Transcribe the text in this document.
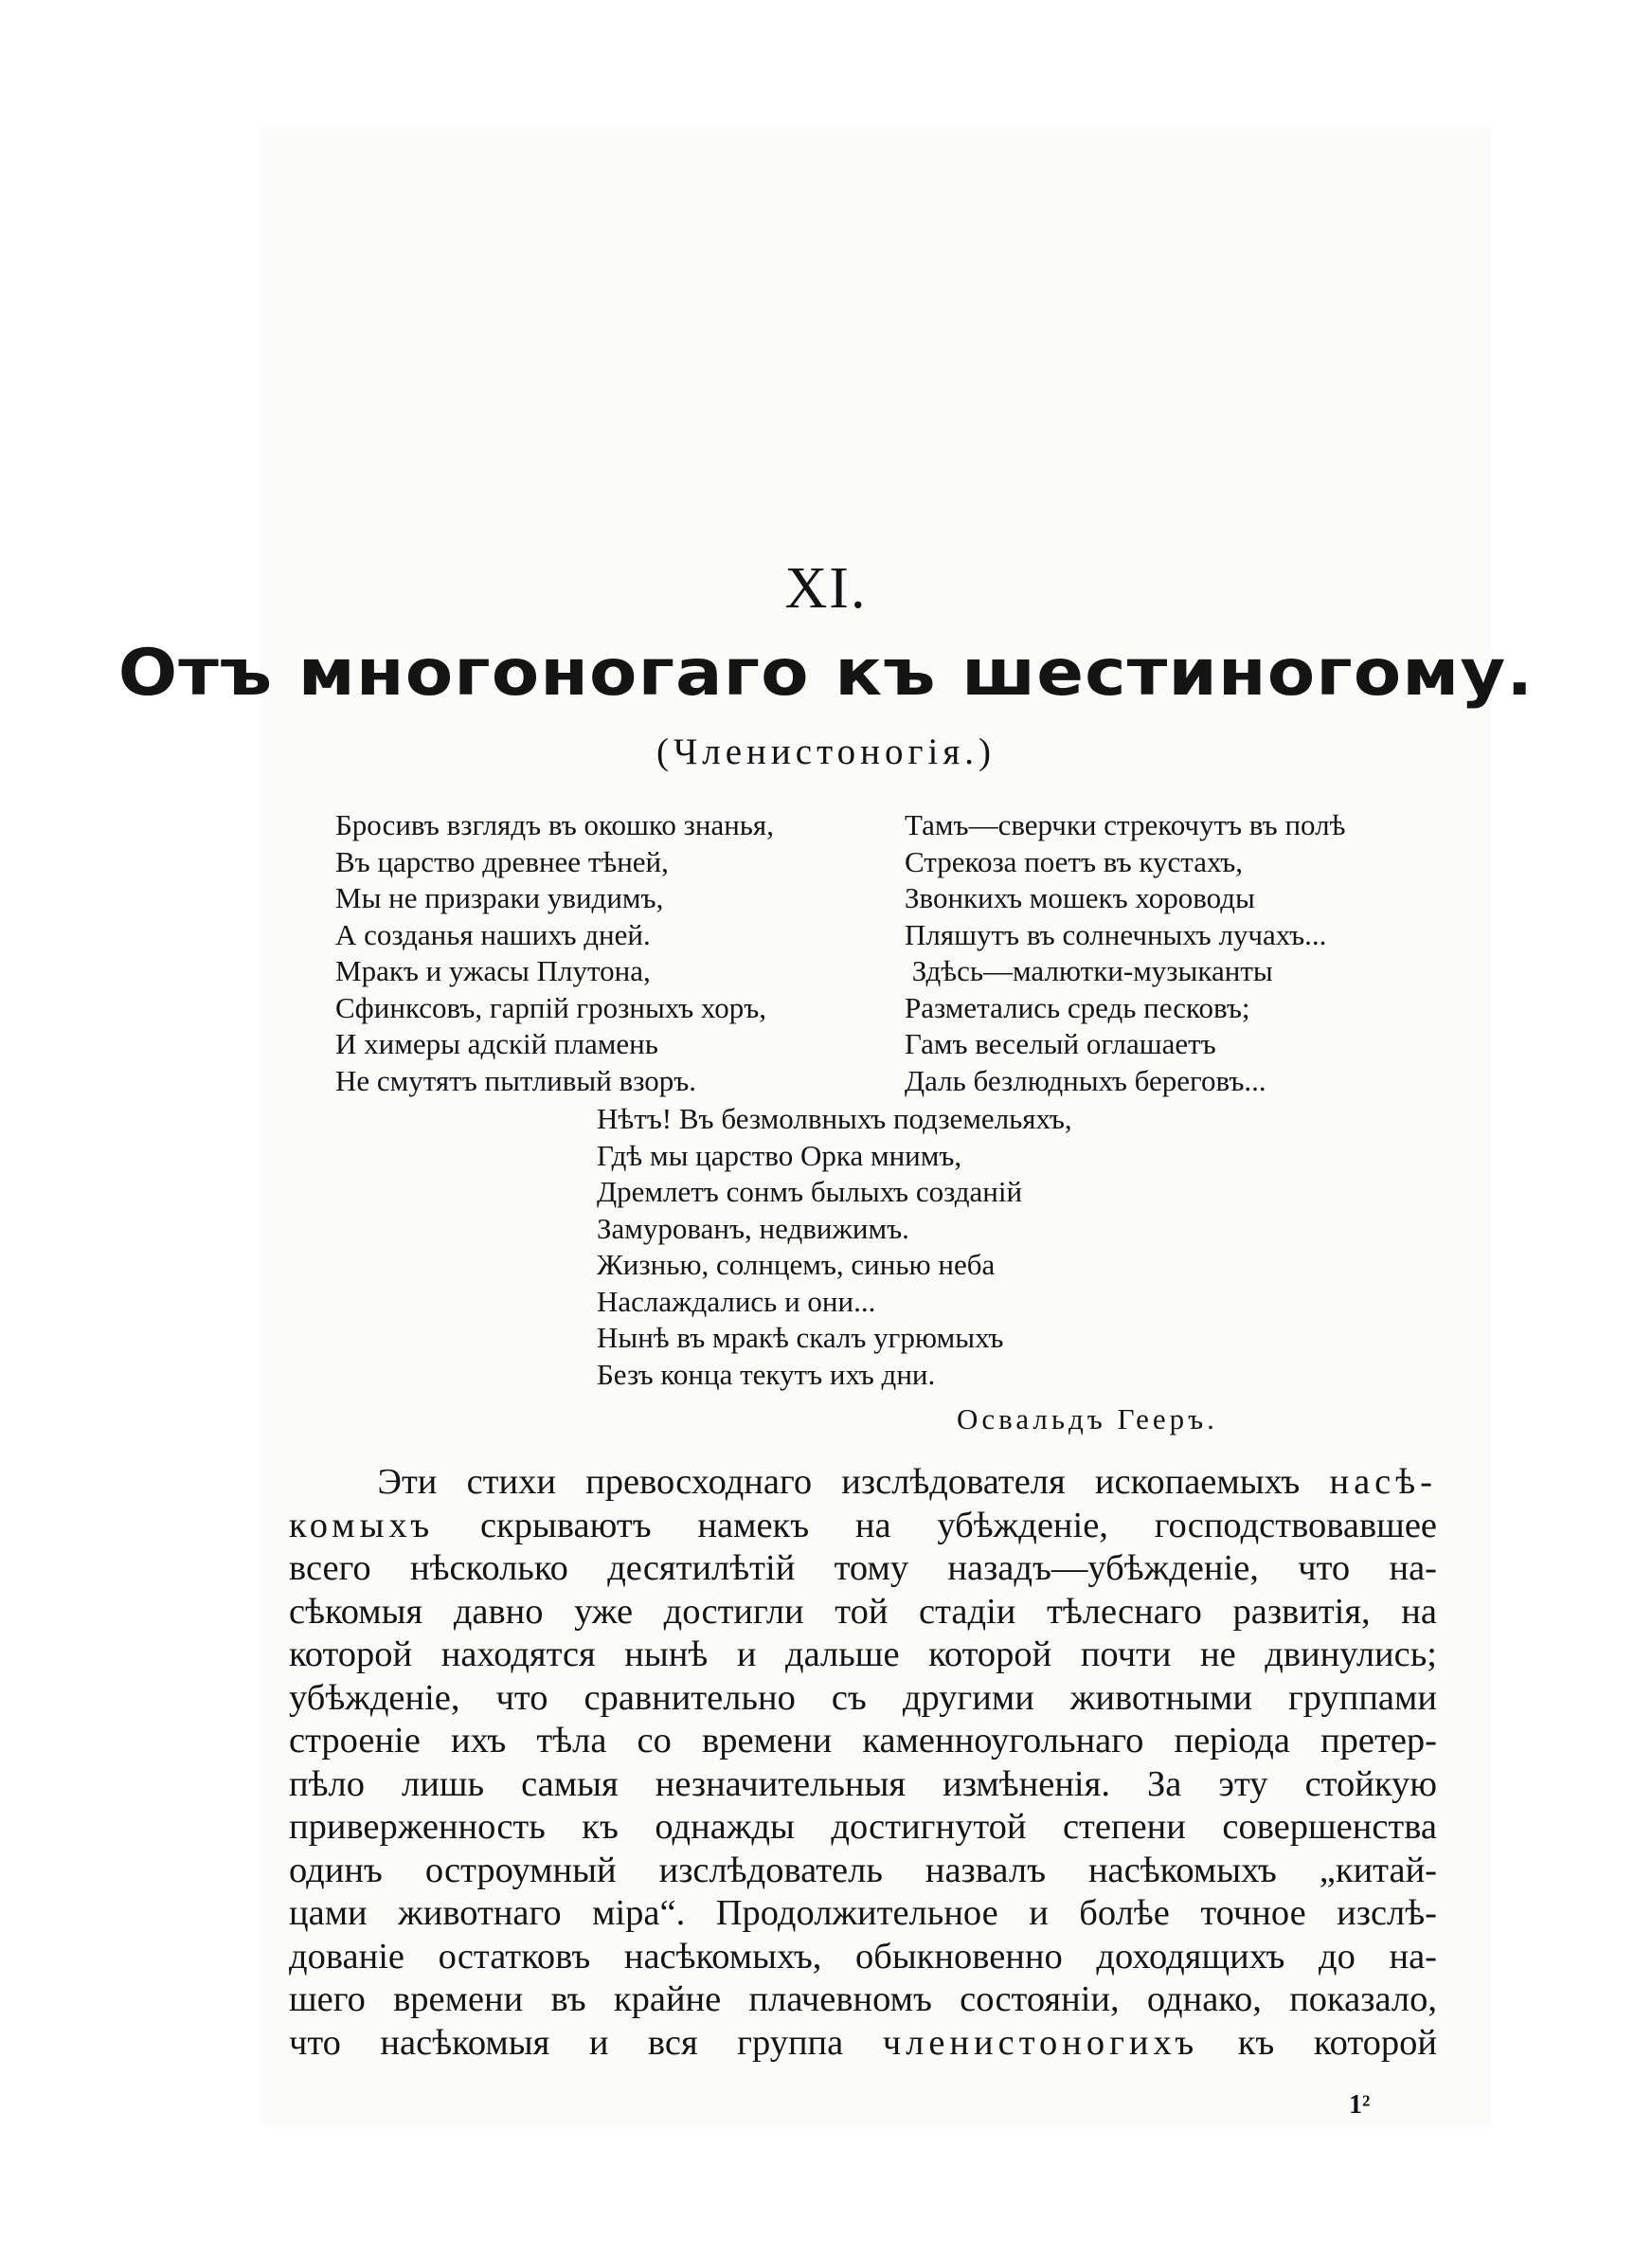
XI.
Отъ многоногаго къ шестиногому.
(Членистоногія.)
Бросивъ взглядъ въ окошко знанья,
Въ царство древнее тѣней,
Мы не призраки увидимъ,
А созданья нашихъ дней.
Мракъ и ужасы Плутона,
Сфинксовъ, гарпій грозныхъ хоръ,
И химеры адскій пламень
Не смутятъ пытливый взоръ.
Тамъ—сверчки стрекочутъ въ полѣ
Стрекоза поетъ въ кустахъ,
Звонкихъ мошекъ хороводы
Пляшутъ въ солнечныхъ лучахъ...
Здѣсь—малютки-музыканты
Разметались средь песковъ;
Гамъ веселый оглашаетъ
Даль безлюдныхъ береговъ...
Нѣтъ! Въ безмолвныхъ подземельяхъ,
Гдѣ мы царство Орка мнимъ,
Дремлетъ сонмъ былыхъ созданій
Замурованъ, недвижимъ.
Жизнью, солнцемъ, синью неба
Наслаждались и они...
Нынѣ въ мракѣ скалъ угрюмыхъ
Безъ конца текутъ ихъ дни.
Освальдъ Гееръ.
Эти стихи превосходнаго изслѣдователя ископаемыхъ насѣ-
комыхъ скрываютъ намекъ на убѣжденіе, господствовавшее
всего нѣсколько десятилѣтій тому назадъ—убѣжденіе, что на-
сѣкомыя давно уже достигли той стадіи тѣлеснаго развитія, на
которой находятся нынѣ и дальше которой почти не двинулись;
убѣжденіе, что сравнительно съ другими животными группами
строеніе ихъ тѣла со времени каменноугольнаго періода претер-
пѣло лишь самыя незначительныя измѣненія. За эту стойкую
приверженность къ однажды достигнутой степени совершенства
одинъ остроумный изслѣдователь назвалъ насѣкомыхъ „китай-
цами животнаго міра“. Продолжительное и болѣе точное изслѣ-
дованіе остатковъ насѣкомыхъ, обыкновенно доходящихъ до на-
шего времени въ крайне плачевномъ состояніи, однако, показало,
что насѣкомыя и вся группа членистоногихъ къ которой
1²
